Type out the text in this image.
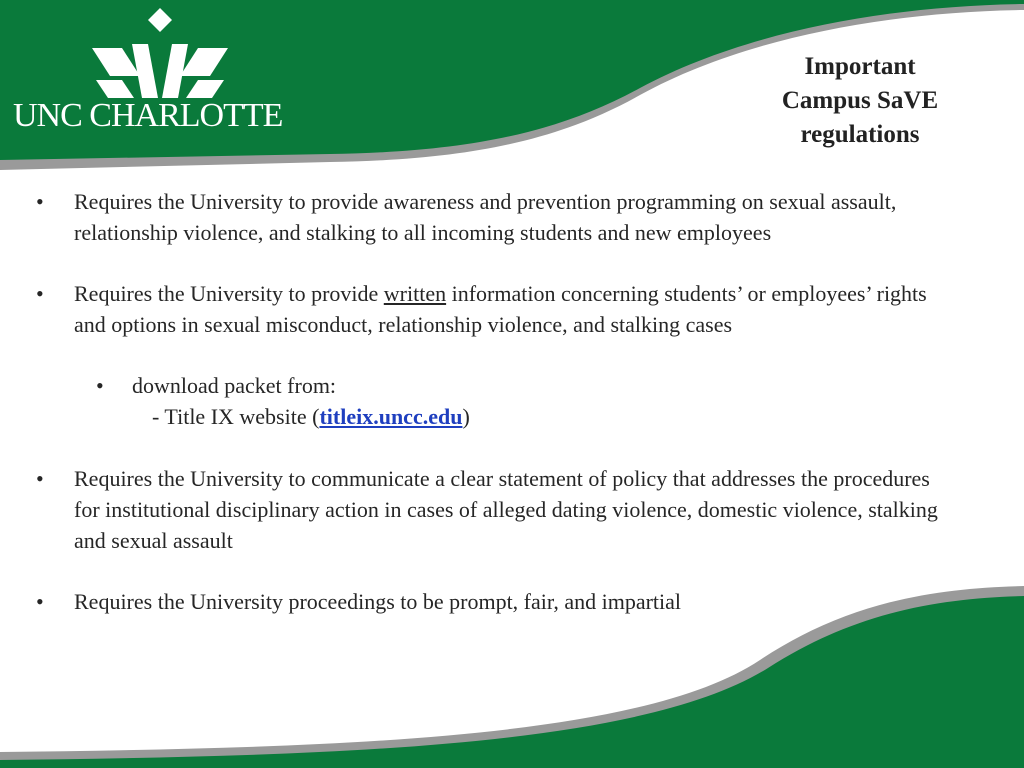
UNC CHARLOTTE
Important
Campus SaVE
regulations
• Requires the University to provide awareness and prevention programming on sexual assault, relationship violence, and stalking to all incoming students and new employees
• Requires the University to provide written information concerning students’ or employees’ rights and options in sexual misconduct, relationship violence, and stalking cases
• download packet from:
- Title IX website (titleix.uncc.edu)
• Requires the University to communicate a clear statement of policy that addresses the procedures for institutional disciplinary action in cases of alleged dating violence, domestic violence, stalking and sexual assault
• Requires the University proceedings to be prompt, fair, and impartial
